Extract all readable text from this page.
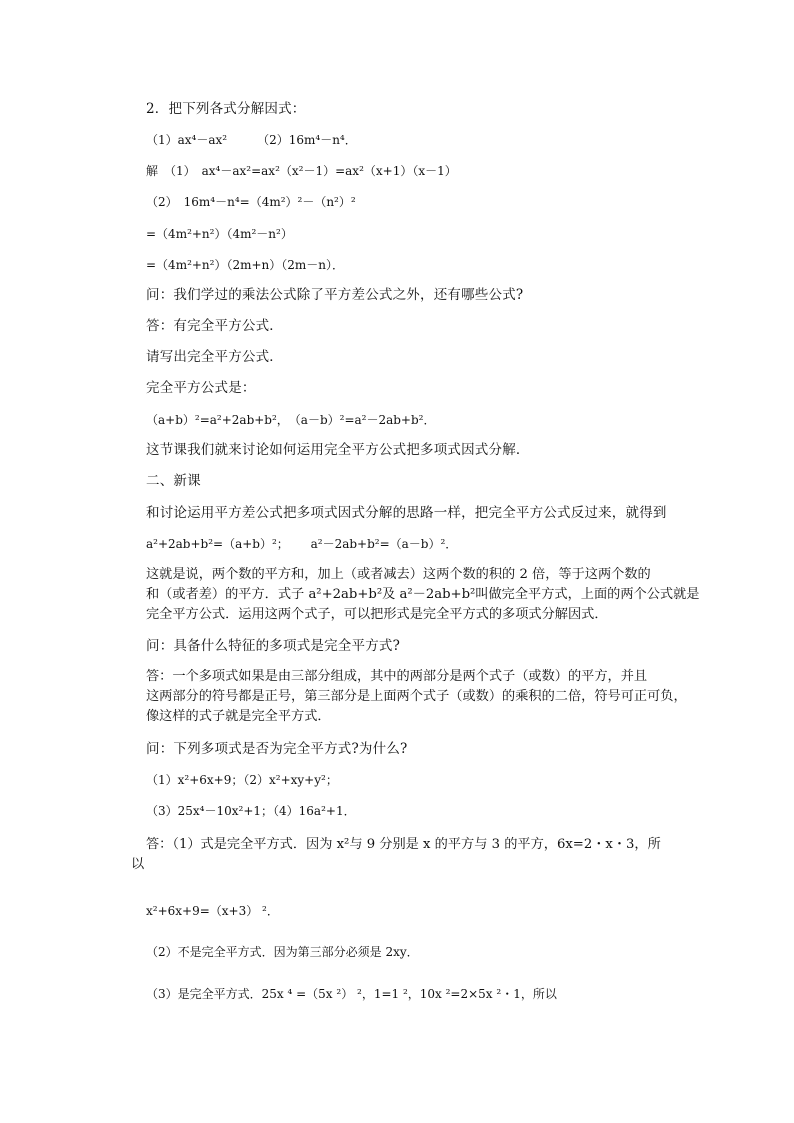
2．把下列各式分解因式：
（1）ax⁴－ax²　　　（2）16m⁴－n⁴．
解　（1）　ax⁴－ax²=ax²（x²－1）=ax²（x+1）（x－1）
（2）　16m⁴－n⁴=（4m²）²－（n²）²
=（4m²+n²）（4m²－n²）
=（4m²+n²）（2m+n）（2m－n）．
问：我们学过的乘法公式除了平方差公式之外，还有哪些公式?
答：有完全平方公式．
请写出完全平方公式．
完全平方公式是：
（a+b）²=a²+2ab+b²，　（a－b）²=a²－2ab+b²．
这节课我们就来讨论如何运用完全平方公式把多项式因式分解．
二、新课
和讨论运用平方差公式把多项式因式分解的思路一样，把完全平方公式反过来，就得到
a²+2ab+b²=（a+b）²；　　 a²－2ab+b²=（a－b）²．
这就是说，两个数的平方和，加上（或者减去）这两个数的积的 2 倍，等于这两个数的
和（或者差）的平方．式子 a²+2ab+b²及 a²－2ab+b²叫做完全平方式，上面的两个公式就是
完全平方公式．运用这两个式子，可以把形式是完全平方式的多项式分解因式．
问：具备什么特征的多项式是完全平方式?
答：一个多项式如果是由三部分组成，其中的两部分是两个式子（或数）的平方，并且
这两部分的符号都是正号，第三部分是上面两个式子（或数）的乘积的二倍，符号可正可负，
像这样的式子就是完全平方式．
问：下列多项式是否为完全平方式?为什么?
（1）x²+6x+9；（2）x²+xy+y²；
（3）25x⁴－10x²+1；（4）16a²+1．
答：（1）式是完全平方式．因为 x²与 9 分别是 x 的平方与 3 的平方，6x=2・x・3，所
以
x²+6x+9=（x+3） ²．
（2）不是完全平方式．因为第三部分必须是 2xy．
（3）是完全平方式．25x ⁴ =（5x ²） ²，1=1 ²，10x ²=2×5x ²・1，所以
